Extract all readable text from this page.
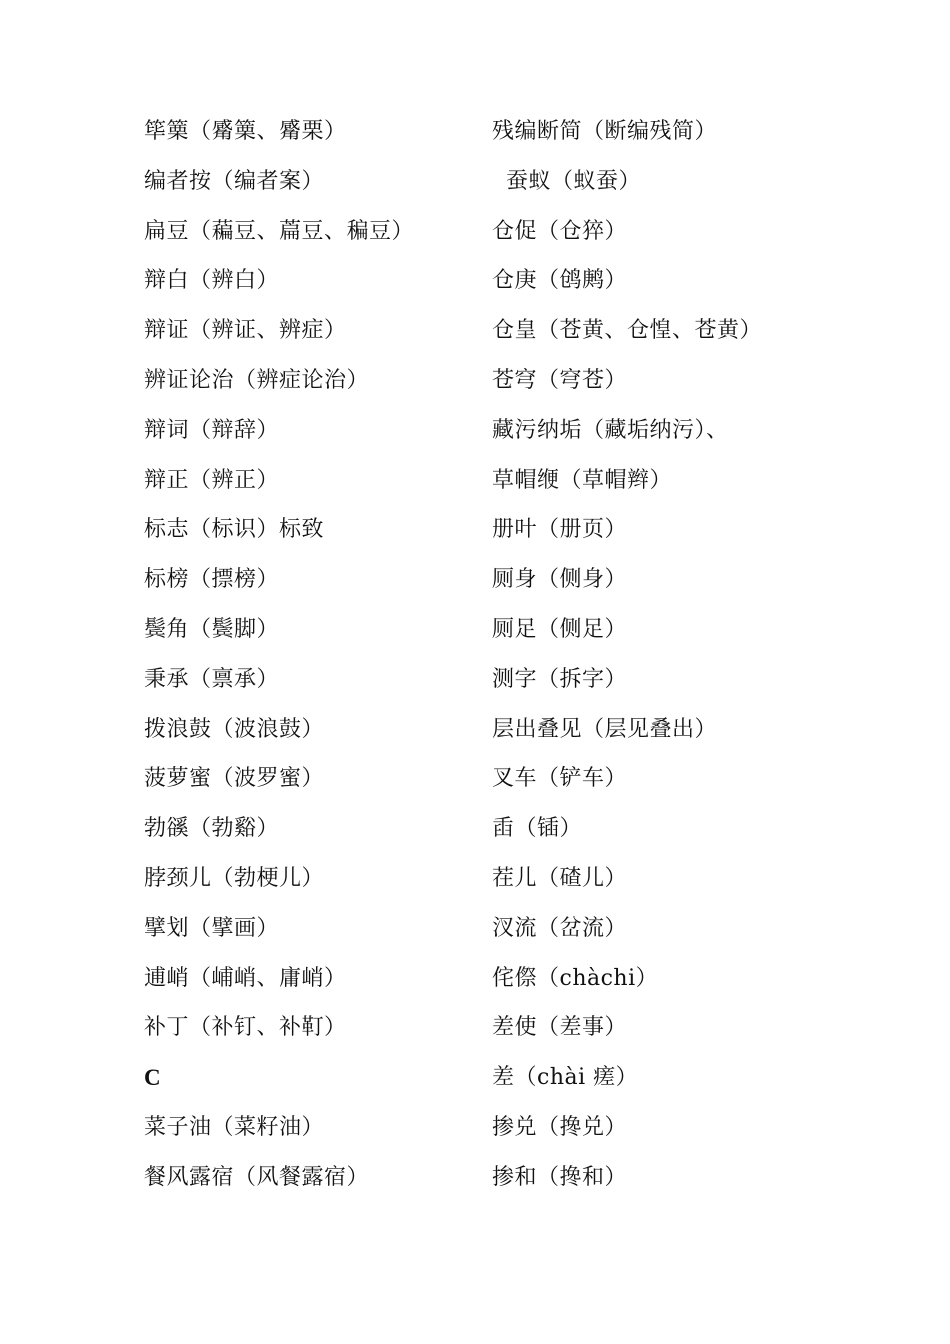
筚篥（觱篥、觱栗）
编者按（编者案）
扁豆（藊豆、萹豆、稨豆）
辩白（辨白）
辩证（辨证、辨症）
辨证论治（辨症论治）
辩词（辩辞）
辩正（辨正）
标志（标识）标致
标榜（摽榜）
鬓角（鬓脚）
秉承（禀承）
拨浪鼓（波浪鼓）
菠萝蜜（波罗蜜）
勃豀（勃谿）
脖颈儿（勃梗儿）
擘划（擘画）
逋峭（峬峭、庸峭）
补丁（补钉、补靪）
C
菜子油（菜籽油）
餐风露宿（风餐露宿）
残编断简（断编残简）
蚕蚁（蚁蚕）
仓促（仓猝）
仓庚（鸧鹒）
仓皇（苍黄、仓惶、苍黄）
苍穹（穹苍）
藏污纳垢（藏垢纳污）、
草帽缏（草帽辫）
册叶（册页）
厕身（侧身）
厕足（侧足）
测字（拆字）
层出叠见（层见叠出）
叉车（铲车）
臿（锸）
茬儿（碴儿）
汊流（岔流）
侘傺（chàchi）
差使（差事）
差（chài 瘥）
掺兑（搀兑）
掺和（搀和）
